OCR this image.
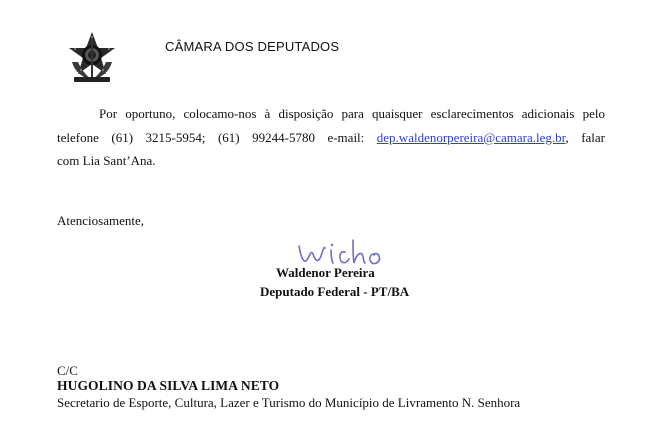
CÂMARA DOS DEPUTADOS
Por oportuno, colocamo-nos à disposição para quaisquer esclarecimentos adicionais pelo
telefone (61) 3215-5954; (61) 99244-5780 e-mail: dep.waldenorpereira@camara.leg.br, falar
com Lia Sant’Ana.
Atenciosamente,
Waldenor Pereira
Deputado Federal - PT/BA
C/C
HUGOLINO DA SILVA LIMA NETO
Secretario de Esporte, Cultura, Lazer e Turismo do Município de Livramento N. Senhora
